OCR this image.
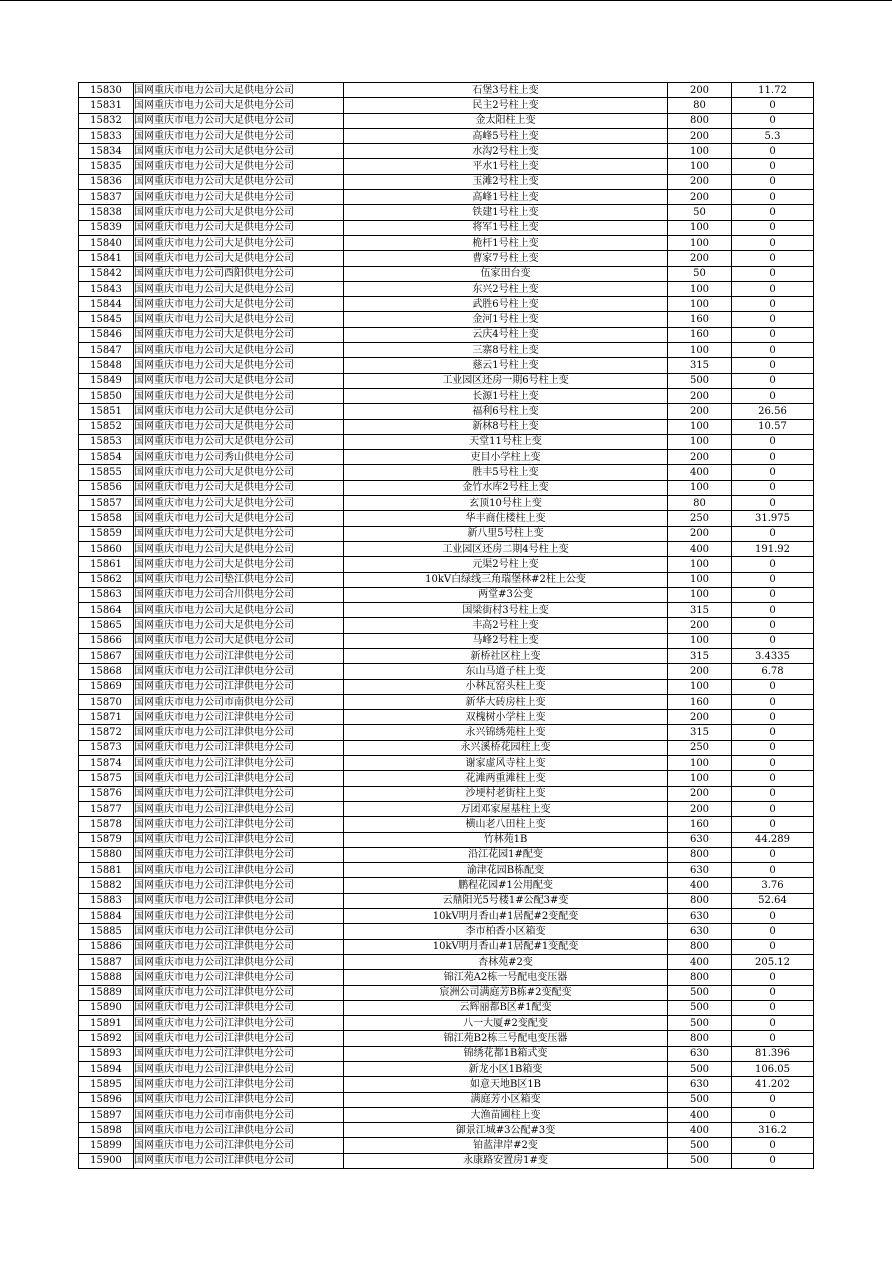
15830	国网重庆市电力公司大足供电分公司	石堡3号柱上变	200	11.72
15831	国网重庆市电力公司大足供电分公司	民主2号柱上变	80	0
15832	国网重庆市电力公司大足供电分公司	金太阳柱上变	800	0
15833	国网重庆市电力公司大足供电分公司	高峰5号柱上变	200	5.3
15834	国网重庆市电力公司大足供电分公司	水沟2号柱上变	100	0
15835	国网重庆市电力公司大足供电分公司	平水1号柱上变	100	0
15836	国网重庆市电力公司大足供电分公司	玉滩2号柱上变	200	0
15837	国网重庆市电力公司大足供电分公司	高峰1号柱上变	200	0
15838	国网重庆市电力公司大足供电分公司	铁建1号柱上变	50	0
15839	国网重庆市电力公司大足供电分公司	将军1号柱上变	100	0
15840	国网重庆市电力公司大足供电分公司	桅杆1号柱上变	100	0
15841	国网重庆市电力公司大足供电分公司	曹家7号柱上变	200	0
15842	国网重庆市电力公司酉阳供电分公司	伍家田台变	50	0
15843	国网重庆市电力公司大足供电分公司	东兴2号柱上变	100	0
15844	国网重庆市电力公司大足供电分公司	武胜6号柱上变	100	0
15845	国网重庆市电力公司大足供电分公司	金河1号柱上变	160	0
15846	国网重庆市电力公司大足供电分公司	云庆4号柱上变	160	0
15847	国网重庆市电力公司大足供电分公司	三寨8号柱上变	100	0
15848	国网重庆市电力公司大足供电分公司	慈云1号柱上变	315	0
15849	国网重庆市电力公司大足供电分公司	工业园区还房一期6号柱上变	500	0
15850	国网重庆市电力公司大足供电分公司	长源1号柱上变	200	0
15851	国网重庆市电力公司大足供电分公司	福利6号柱上变	200	26.56
15852	国网重庆市电力公司大足供电分公司	新林8号柱上变	100	10.57
15853	国网重庆市电力公司大足供电分公司	天堂11号柱上变	100	0
15854	国网重庆市电力公司秀山供电分公司	吏目小学柱上变	200	0
15855	国网重庆市电力公司大足供电分公司	胜丰5号柱上变	400	0
15856	国网重庆市电力公司大足供电分公司	金竹水库2号柱上变	100	0
15857	国网重庆市电力公司大足供电分公司	玄顶10号柱上变	80	0
15858	国网重庆市电力公司大足供电分公司	华丰商住楼柱上变	250	31.975
15859	国网重庆市电力公司大足供电分公司	新八里5号柱上变	200	0
15860	国网重庆市电力公司大足供电分公司	工业园区还房二期4号柱上变	400	191.92
15861	国网重庆市电力公司大足供电分公司	元渠2号柱上变	100	0
15862	国网重庆市电力公司垫江供电分公司	10kV白绿线三角瑞堡林#2柱上公变	100	0
15863	国网重庆市电力公司合川供电分公司	两堂#3公变	100	0
15864	国网重庆市电力公司大足供电分公司	国梁街村3号柱上变	315	0
15865	国网重庆市电力公司大足供电分公司	丰高2号柱上变	200	0
15866	国网重庆市电力公司大足供电分公司	马峰2号柱上变	100	0
15867	国网重庆市电力公司江津供电分公司	新桥社区柱上变	315	3.4335
15868	国网重庆市电力公司江津供电分公司	东山马道子柱上变	200	6.78
15869	国网重庆市电力公司江津供电分公司	小林瓦窑头柱上变	100	0
15870	国网重庆市电力公司市南供电分公司	新华大砖房柱上变	160	0
15871	国网重庆市电力公司江津供电分公司	双槐树小学柱上变	200	0
15872	国网重庆市电力公司江津供电分公司	永兴锦绣苑柱上变	315	0
15873	国网重庆市电力公司江津供电分公司	永兴溪桥花园柱上变	250	0
15874	国网重庆市电力公司江津供电分公司	谢家虚风寺柱上变	100	0
15875	国网重庆市电力公司江津供电分公司	花滩两重滩柱上变	100	0
15876	国网重庆市电力公司江津供电分公司	沙埂村老街柱上变	200	0
15877	国网重庆市电力公司江津供电分公司	万团邓家屋基柱上变	200	0
15878	国网重庆市电力公司江津供电分公司	横山老八田柱上变	160	0
15879	国网重庆市电力公司江津供电分公司	竹林苑1B	630	44.289
15880	国网重庆市电力公司江津供电分公司	沿江花园1#配变	800	0
15881	国网重庆市电力公司江津供电分公司	渝津花园B栋配变	630	0
15882	国网重庆市电力公司江津供电分公司	鹏程花园#1公用配变	400	3.76
15883	国网重庆市电力公司江津供电分公司	云鼎阳光5号楼1#公配3#变	800	52.64
15884	国网重庆市电力公司江津供电分公司	10kV明月香山#1居配#2变配变	630	0
15885	国网重庆市电力公司江津供电分公司	李市柏香小区箱变	630	0
15886	国网重庆市电力公司江津供电分公司	10kV明月香山#1居配#1变配变	800	0
15887	国网重庆市电力公司江津供电分公司	杏林苑#2变	400	205.12
15888	国网重庆市电力公司江津供电分公司	锦江苑A2栋一号配电变压器	800	0
15889	国网重庆市电力公司江津供电分公司	宸洲公司满庭芳B栋#2变配变	500	0
15890	国网重庆市电力公司江津供电分公司	云辉丽都B区#1配变	500	0
15891	国网重庆市电力公司江津供电分公司	八一大厦#2变配变	500	0
15892	国网重庆市电力公司江津供电分公司	锦江苑B2栋三号配电变压器	800	0
15893	国网重庆市电力公司江津供电分公司	锦绣花都1B箱式变	630	81.396
15894	国网重庆市电力公司江津供电分公司	新龙小区1B箱变	500	106.05
15895	国网重庆市电力公司江津供电分公司	如意天地B区1B	630	41.202
15896	国网重庆市电力公司江津供电分公司	满庭芳小区箱变	500	0
15897	国网重庆市电力公司市南供电分公司	大渔苗圃柱上变	400	0
15898	国网重庆市电力公司江津供电分公司	御景江城#3公配#3变	400	316.2
15899	国网重庆市电力公司江津供电分公司	铂蓝津岸#2变	500	0
15900	国网重庆市电力公司江津供电分公司	永康路安置房1#变	500	0
